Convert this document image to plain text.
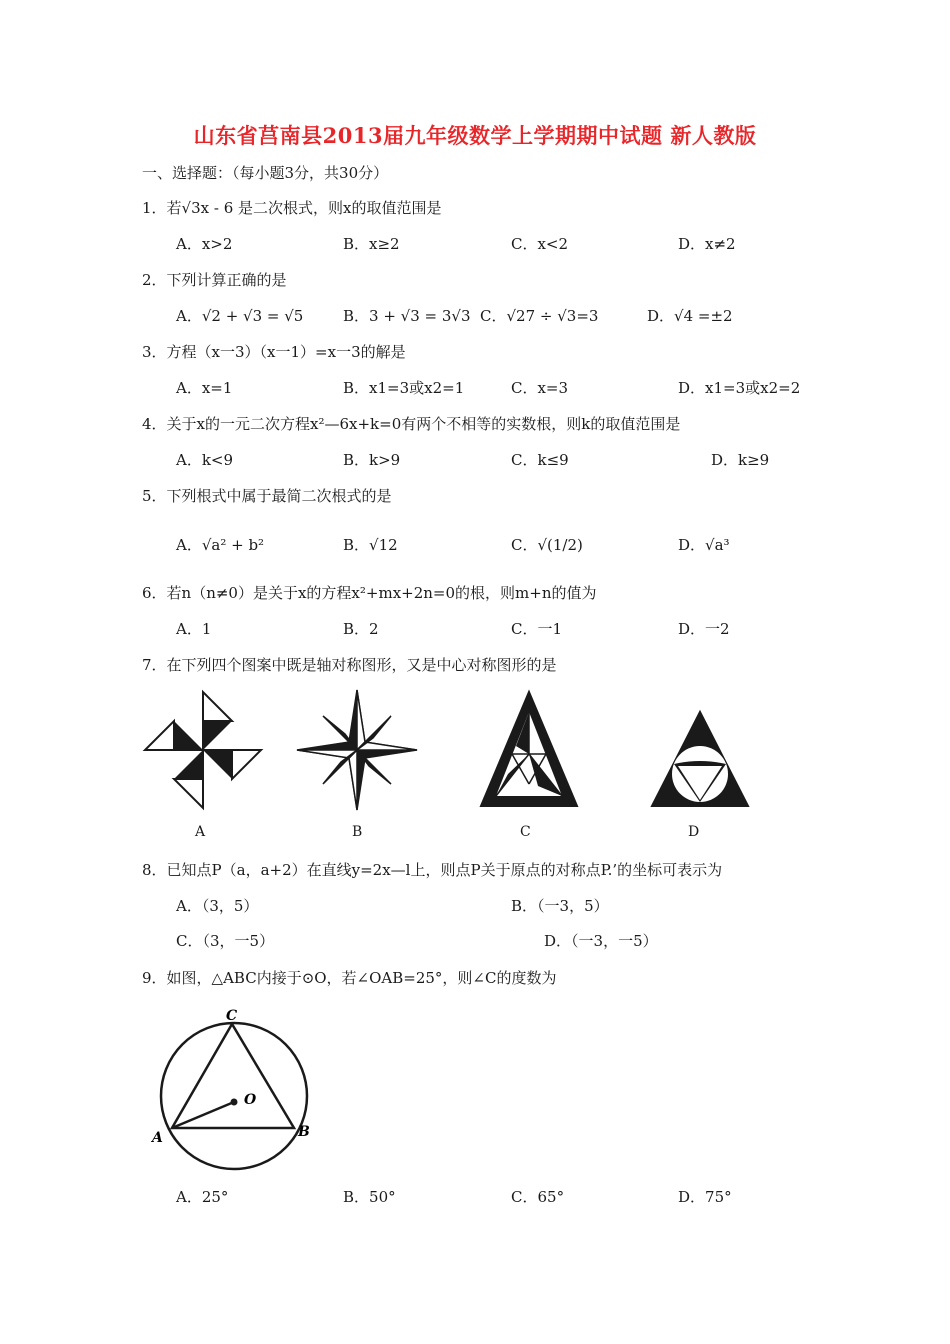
山东省莒南县2013届九年级数学上学期期中试题 新人教版
一、选择题：（每小题3分，共30分）
1．若√3x - 6 是二次根式，则x的取值范围是
A．x>2	B．x≥2	C．x<2	D．x≠2
2．下列计算正确的是
A．√2 + √3 = √5	B．3 + √3 = 3√3 C．√27 ÷ √3=3	D．√4 =±2
3．方程（x一3）（x一1）=x一3的解是
A．x=1	B．x1=3或x2=1	C．x=3	D．x1=3或x2=2
4．关于x的一元二次方程x²—6x+k=0有两个不相等的实数根，则k的取值范围是
A．k<9	B．k>9	C．k≤9	D．k≥9
5．下列根式中属于最简二次根式的是
A．√a² + b²	B．√12	C．√(1/2)	D．√a³
6．若n（n≠0）是关于x的方程x²+mx+2n=0的根，则m+n的值为
A．1	B．2	C．一1	D．一2
7．在下列四个图案中既是轴对称图形，又是中心对称图形的是
A	B	C	D
8．已知点P（a，a+2）在直线y=2x—l上，则点P关于原点的对称点P.’的坐标可表示为
A．（3，5）	B．（一3，5）
C．（3，一5）	D．（一3，一5）
9．如图，△ABC内接于⊙O，若∠OAB=25°，则∠C的度数为
C
O
A	B
A．25°	B．50°	C．65°	D．75°
